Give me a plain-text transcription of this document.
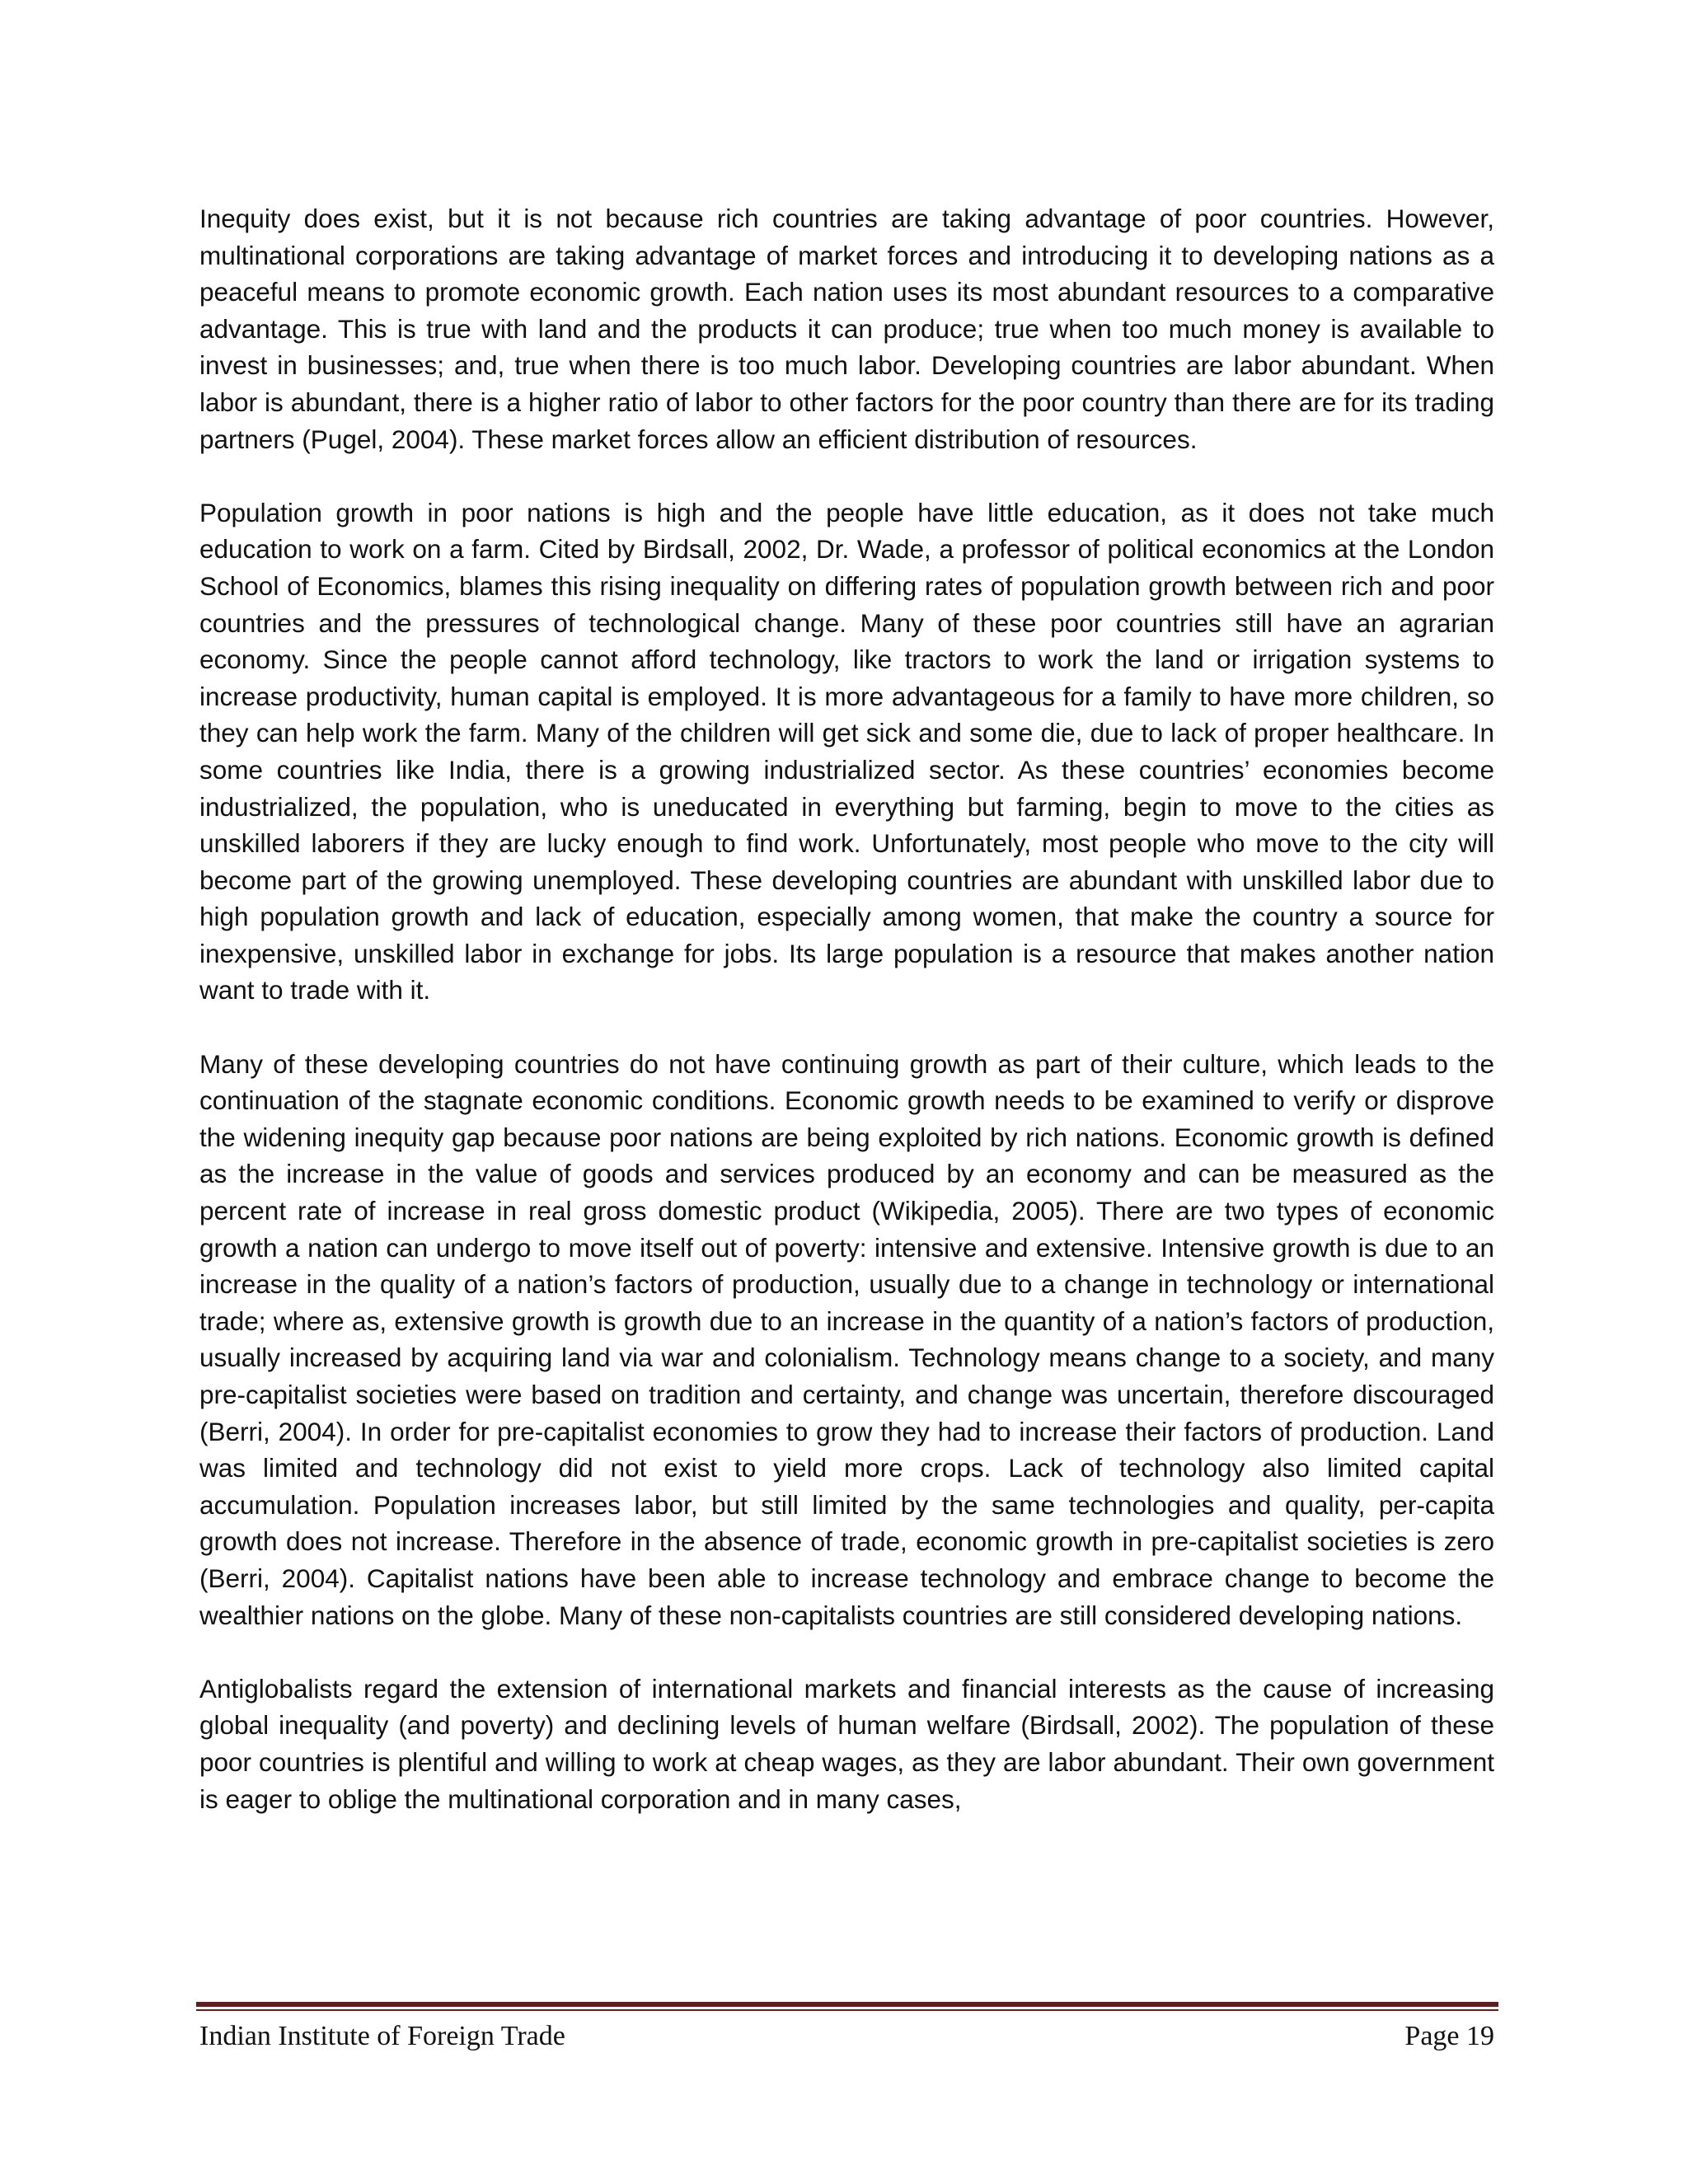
Inequity does exist, but it is not because rich countries are taking advantage of poor countries. However, multinational corporations are taking advantage of market forces and introducing it to developing nations as a peaceful means to promote economic growth. Each nation uses its most abundant resources to a comparative advantage. This is true with land and the products it can produce; true when too much money is available to invest in businesses; and, true when there is too much labor. Developing countries are labor abundant. When labor is abundant, there is a higher ratio of labor to other factors for the poor country than there are for its trading partners (Pugel, 2004). These market forces allow an efficient distribution of resources.

Population growth in poor nations is high and the people have little education, as it does not take much education to work on a farm. Cited by Birdsall, 2002, Dr. Wade, a professor of political economics at the London School of Economics, blames this rising inequality on differing rates of population growth between rich and poor countries and the pressures of technological change. Many of these poor countries still have an agrarian economy. Since the people cannot afford technology, like tractors to work the land or irrigation systems to increase productivity, human capital is employed. It is more advantageous for a family to have more children, so they can help work the farm. Many of the children will get sick and some die, due to lack of proper healthcare. In some countries like India, there is a growing industrialized sector. As these countries’ economies become industrialized, the population, who is uneducated in everything but farming, begin to move to the cities as unskilled laborers if they are lucky enough to find work. Unfortunately, most people who move to the city will become part of the growing unemployed. These developing countries are abundant with unskilled labor due to high population growth and lack of education, especially among women, that make the country a source for inexpensive, unskilled labor in exchange for jobs. Its large population is a resource that makes another nation want to trade with it.

Many of these developing countries do not have continuing growth as part of their culture, which leads to the continuation of the stagnate economic conditions. Economic growth needs to be examined to verify or disprove the widening inequity gap because poor nations are being exploited by rich nations. Economic growth is defined as the increase in the value of goods and services produced by an economy and can be measured as the percent rate of increase in real gross domestic product (Wikipedia, 2005). There are two types of economic growth a nation can undergo to move itself out of poverty: intensive and extensive. Intensive growth is due to an increase in the quality of a nation’s factors of production, usually due to a change in technology or international trade; where as, extensive growth is growth due to an increase in the quantity of a nation’s factors of production, usually increased by acquiring land via war and colonialism. Technology means change to a society, and many pre-capitalist societies were based on tradition and certainty, and change was uncertain, therefore discouraged (Berri, 2004). In order for pre-capitalist economies to grow they had to increase their factors of production. Land was limited and technology did not exist to yield more crops. Lack of technology also limited capital accumulation. Population increases labor, but still limited by the same technologies and quality, per-capita growth does not increase. Therefore in the absence of trade, economic growth in pre-capitalist societies is zero (Berri, 2004). Capitalist nations have been able to increase technology and embrace change to become the wealthier nations on the globe. Many of these non-capitalists countries are still considered developing nations.

Antiglobalists regard the extension of international markets and financial interests as the cause of increasing global inequality (and poverty) and declining levels of human welfare (Birdsall, 2002). The population of these poor countries is plentiful and willing to work at cheap wages, as they are labor abundant. Their own government is eager to oblige the multinational corporation and in many cases,

Indian Institute of Foreign Trade	Page 19
